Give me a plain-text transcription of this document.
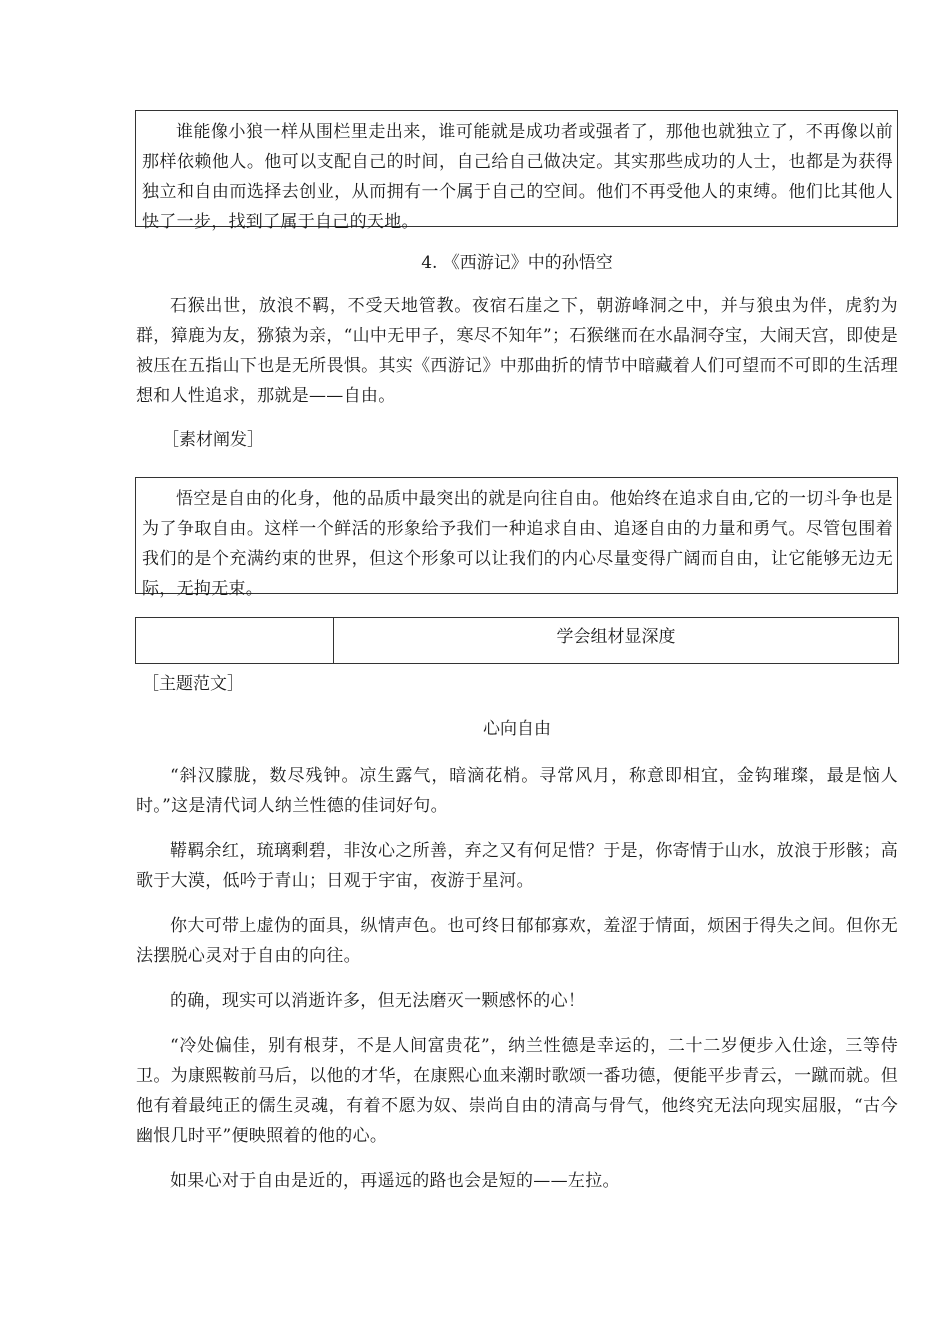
谁能像小狼一样从围栏里走出来，谁可能就是成功者或强者了，那他也就独立了，不再像以前那样依赖他人。他可以支配自己的时间，自己给自己做决定。其实那些成功的人士，也都是为获得独立和自由而选择去创业，从而拥有一个属于自己的空间。他们不再受他人的束缚。他们比其他人快了一步，找到了属于自己的天地。

4. 《西游记》中的孙悟空

石猴出世，放浪不羁，不受天地管教。夜宿石崖之下，朝游峰洞之中，并与狼虫为伴，虎豹为群，獐鹿为友，猕猿为亲，“山中无甲子，寒尽不知年”；石猴继而在水晶洞夺宝，大闹天宫，即使是被压在五指山下也是无所畏惧。其实《西游记》中那曲折的情节中暗藏着人们可望而不可即的生活理想和人性追求，那就是——自由。

［素材阐发］

悟空是自由的化身，他的品质中最突出的就是向往自由。他始终在追求自由,它的一切斗争也是为了争取自由。这样一个鲜活的形象给予我们一种追求自由、追逐自由的力量和勇气。尽管包围着我们的是个充满约束的世界，但这个形象可以让我们的内心尽量变得广阔而自由，让它能够无边无际，无拘无束。

	学会组材显深度

［主题范文］

心向自由

“斜汉朦胧，数尽残钟。凉生露气，暗滴花梢。寻常风月，称意即相宜，金钩璀璨，最是恼人时。”这是清代词人纳兰性德的佳词好句。

鞯羁余红，琉璃剩碧，非汝心之所善，弃之又有何足惜？于是，你寄情于山水，放浪于形骸；高歌于大漠，低吟于青山；日观于宇宙，夜游于星河。

你大可带上虚伪的面具，纵情声色。也可终日郁郁寡欢，羞涩于情面，烦困于得失之间。但你无法摆脱心灵对于自由的向往。

的确，现实可以消逝许多，但无法磨灭一颗感怀的心！

“冷处偏佳，别有根芽，不是人间富贵花”，纳兰性德是幸运的，二十二岁便步入仕途，三等侍卫。为康熙鞍前马后，以他的才华，在康熙心血来潮时歌颂一番功德，便能平步青云，一蹴而就。但他有着最纯正的儒生灵魂，有着不愿为奴、崇尚自由的清高与骨气，他终究无法向现实屈服，“古今幽恨几时平”便映照着的他的心。

如果心对于自由是近的，再遥远的路也会是短的——左拉。
